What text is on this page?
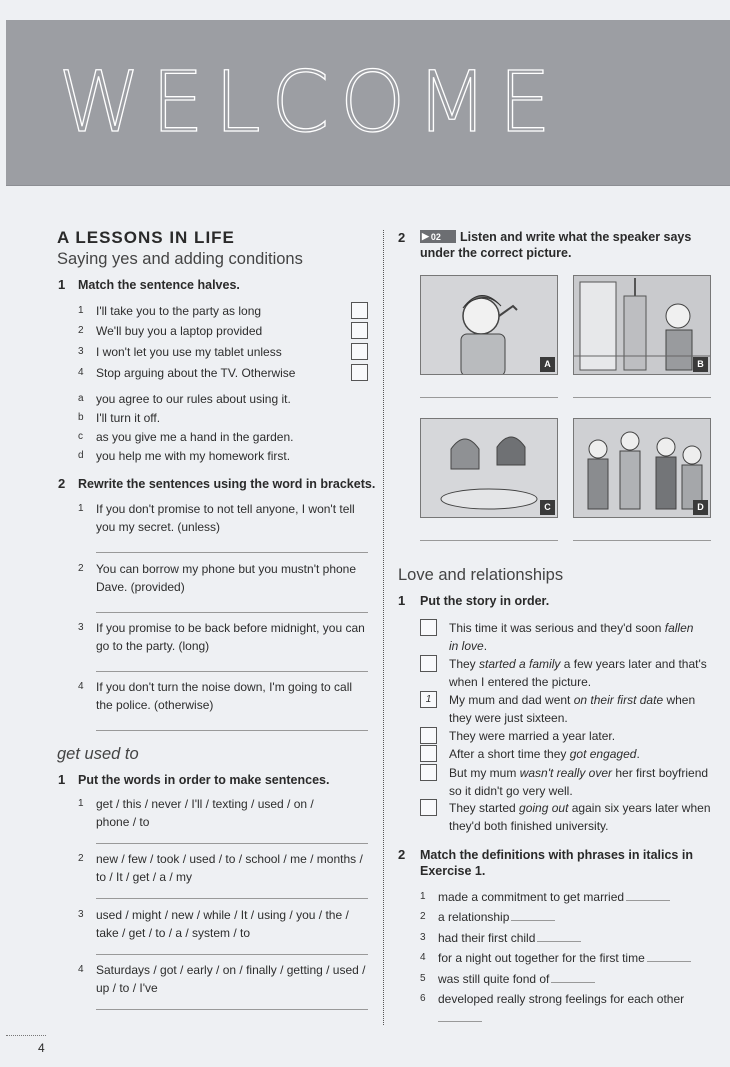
WELCOME
A LESSONS IN LIFE
Saying yes and adding conditions
1 Match the sentence halves.
1 I'll take you to the party as long
2 We'll buy you a laptop provided
3 I won't let you use my tablet unless
4 Stop arguing about the TV. Otherwise
a you agree to our rules about using it.
b I'll turn it off.
c as you give me a hand in the garden.
d you help me with my homework first.
2 Rewrite the sentences using the word in brackets.
1 If you don't promise to not tell anyone, I won't tell
you my secret. (unless)
2 You can borrow my phone but you mustn't phone
Dave. (provided)
3 If you promise to be back before midnight, you can
go to the party. (long)
4 If you don't turn the noise down, I'm going to call
the police. (otherwise)
get used to
1 Put the words in order to make sentences.
1 get / this / never / I'll / texting / used / on /
phone / to
2 new / few / took / used / to / school / me / months /
to / It / get / a / my
3 used / might / new / while / It / using / you / the /
take / get / to / a / system / to
4 Saturdays / got / early / on / finally / getting / used /
up / to / I've
2 ▶ 02 Listen and write what the speaker says
under the correct picture.
A	B
C	D
Love and relationships
1 Put the story in order.
This time it was serious and they'd soon fallen
in love.
They started a family a few years later and that's
when I entered the picture.
1	My mum and dad went on their first date when
they were just sixteen.
They were married a year later.
After a short time they got engaged.
But my mum wasn't really over her first boyfriend
so it didn't go very well.
They started going out again six years later when
they'd both finished university.
2 Match the definitions with phrases in italics in
Exercise 1.
1 made a commitment to get married
2 a relationship
3 had their first child
4 for a night out together for the first time
5 was still quite fond of
6 developed really strong feelings for each other
4
